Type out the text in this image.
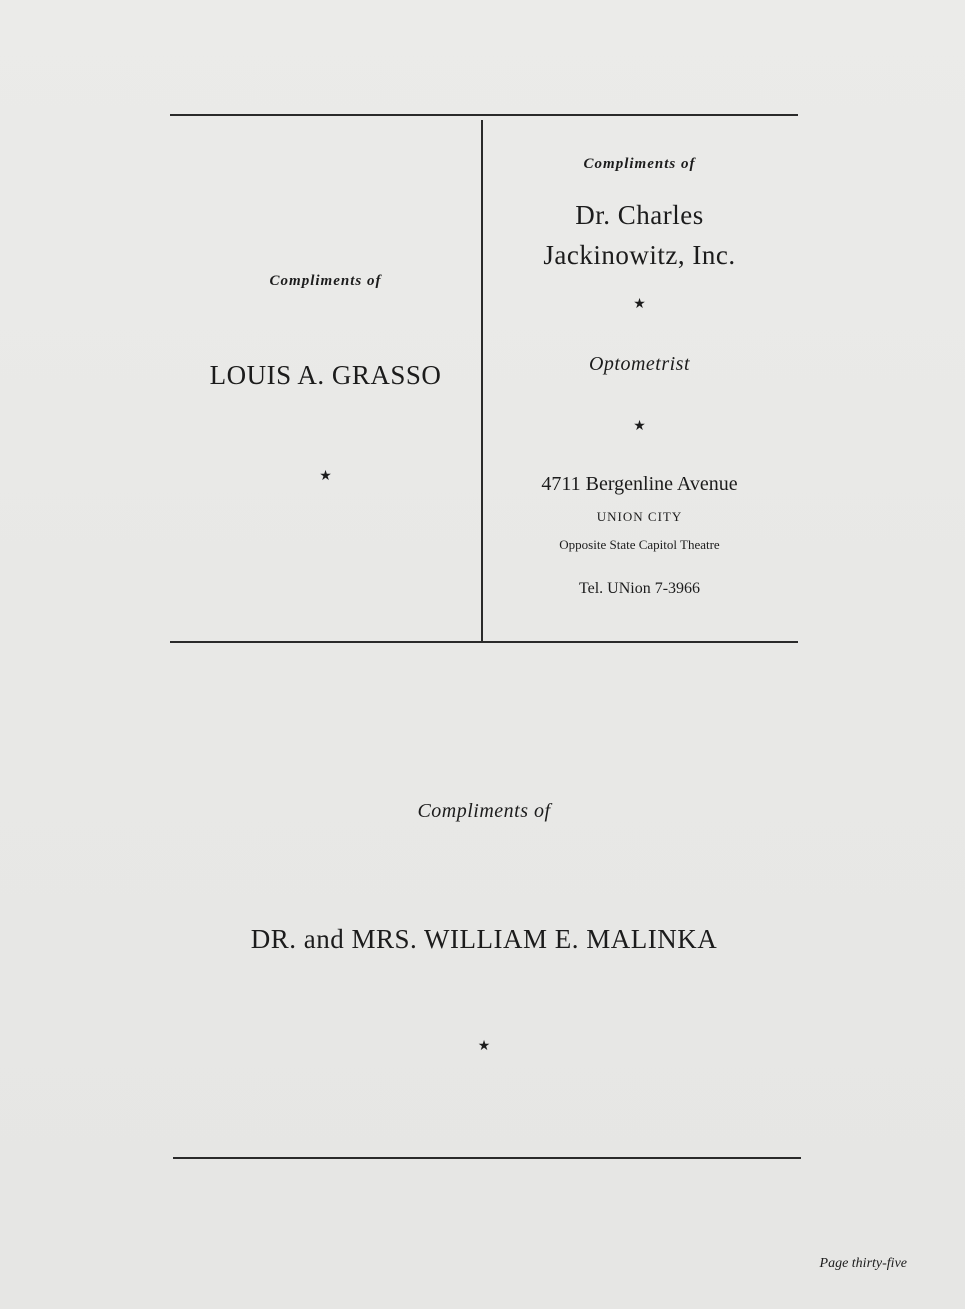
Compliments of
LOUIS A. GRASSO
★
Compliments of
Dr. Charles
Jackinowitz, Inc.
★
Optometrist
★
4711 Bergenline Avenue
UNION CITY
Opposite State Capitol Theatre
Tel. UNion 7-3966
Compliments of
DR. and MRS. WILLIAM E. MALINKA
★
Page thirty-five
